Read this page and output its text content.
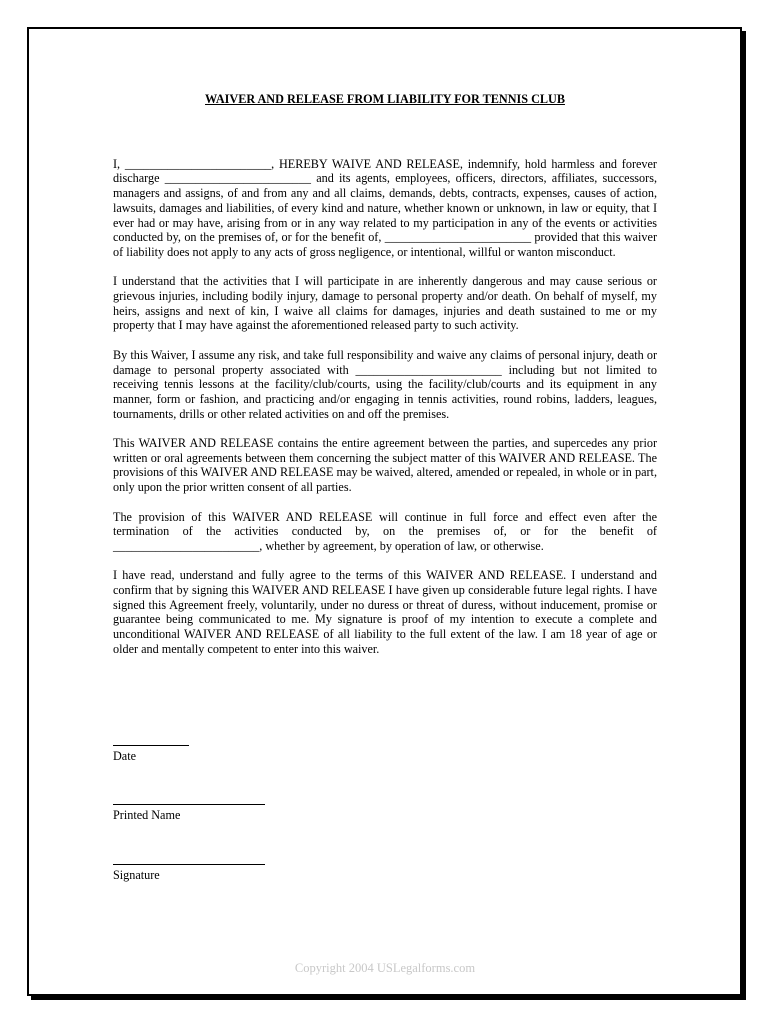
WAIVER AND RELEASE FROM LIABILITY FOR TENNIS CLUB

I, ________________________, HEREBY WAIVE AND RELEASE, indemnify, hold harmless and forever discharge ________________________ and its agents, employees, officers, directors, affiliates, successors, managers and assigns, of and from any and all claims, demands, debts, contracts, expenses, causes of action, lawsuits, damages and liabilities, of every kind and nature, whether known or unknown, in law or equity, that I ever had or may have, arising from or in any way related to my participation in any of the events or activities conducted by, on the premises of, or for the benefit of, ________________________ provided that this waiver of liability does not apply to any acts of gross negligence, or intentional, willful or wanton misconduct.

I understand that the activities that I will participate in are inherently dangerous and may cause serious or grievous injuries, including bodily injury, damage to personal property and/or death. On behalf of myself, my heirs, assigns and next of kin, I waive all claims for damages, injuries and death sustained to me or my property that I may have against the aforementioned released party to such activity.

By this Waiver, I assume any risk, and take full responsibility and waive any claims of personal injury, death or damage to personal property associated with ________________________ including but not limited to receiving tennis lessons at the facility/club/courts, using the facility/club/courts and its equipment in any manner, form or fashion, and practicing and/or engaging in tennis activities, round robins, ladders, leagues, tournaments, drills or other related activities on and off the premises.

This WAIVER AND RELEASE contains the entire agreement between the parties, and supercedes any prior written or oral agreements between them concerning the subject matter of this WAIVER AND RELEASE. The provisions of this WAIVER AND RELEASE may be waived, altered, amended or repealed, in whole or in part, only upon the prior written consent of all parties.

The provision of this WAIVER AND RELEASE will continue in full force and effect even after the termination of the activities conducted by, on the premises of, or for the benefit of ________________________, whether by agreement, by operation of law, or otherwise.

I have read, understand and fully agree to the terms of this WAIVER AND RELEASE. I understand and confirm that by signing this WAIVER AND RELEASE I have given up considerable future legal rights. I have signed this Agreement freely, voluntarily, under no duress or threat of duress, without inducement, promise or guarantee being communicated to me. My signature is proof of my intention to execute a complete and unconditional WAIVER AND RELEASE of all liability to the full extent of the law. I am 18 year of age or older and mentally competent to enter into this waiver.

Date
Printed Name
Signature
Copyright 2004 USLegalforms.com
